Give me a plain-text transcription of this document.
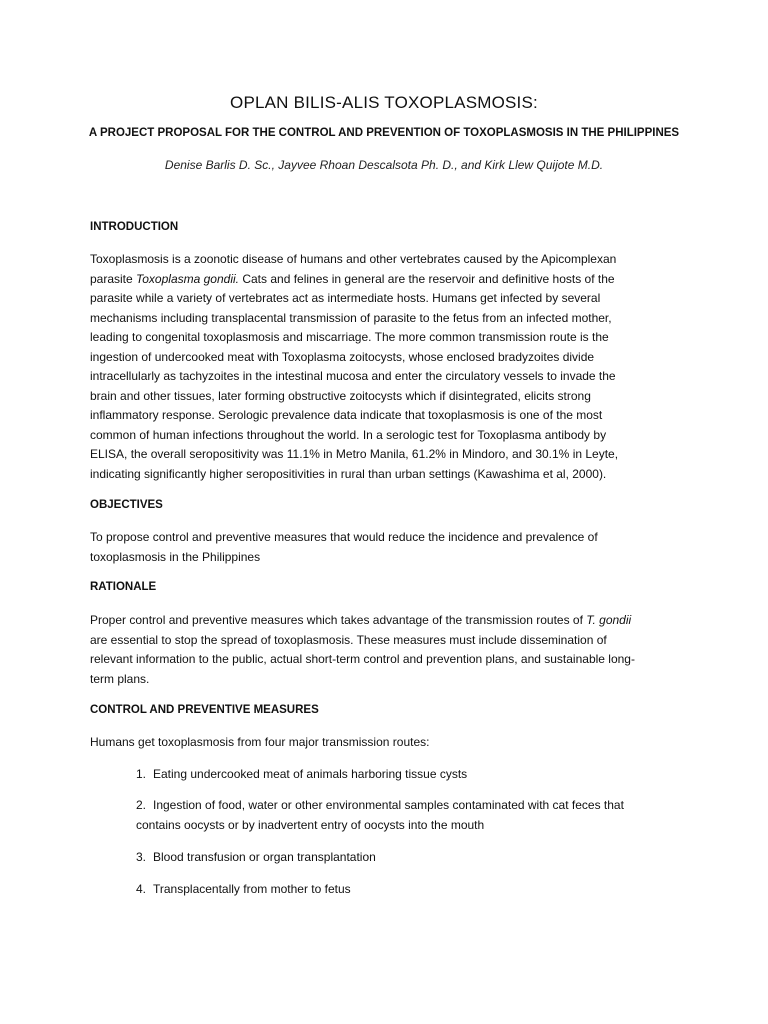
OPLAN BILIS-ALIS TOXOPLASMOSIS:
A PROJECT PROPOSAL FOR THE CONTROL AND PREVENTION OF TOXOPLASMOSIS IN THE PHILIPPINES
Denise Barlis D. Sc., Jayvee Rhoan Descalsota Ph. D., and Kirk Llew Quijote M.D.
INTRODUCTION
Toxoplasmosis is a zoonotic disease of humans and other vertebrates caused by the Apicomplexan
parasite Toxoplasma gondii. Cats and felines in general are the reservoir and definitive hosts of the
parasite while a variety of vertebrates act as intermediate hosts. Humans get infected by several
mechanisms including transplacental transmission of parasite to the fetus from an infected mother,
leading to congenital toxoplasmosis and miscarriage. The more common transmission route is the
ingestion of undercooked meat with Toxoplasma zoitocysts, whose enclosed bradyzoites divide
intracellularly as tachyzoites in the intestinal mucosa and enter the circulatory vessels to invade the
brain and other tissues, later forming obstructive zoitocysts which if disintegrated, elicits strong
inflammatory response. Serologic prevalence data indicate that toxoplasmosis is one of the most
common of human infections throughout the world. In a serologic test for Toxoplasma antibody by
ELISA, the overall seropositivity was 11.1% in Metro Manila, 61.2% in Mindoro, and 30.1% in Leyte,
indicating significantly higher seropositivities in rural than urban settings (Kawashima et al, 2000).
OBJECTIVES
To propose control and preventive measures that would reduce the incidence and prevalence of
toxoplasmosis in the Philippines
RATIONALE
Proper control and preventive measures which takes advantage of the transmission routes of T. gondii
are essential to stop the spread of toxoplasmosis. These measures must include dissemination of
relevant information to the public, actual short-term control and prevention plans, and sustainable long-
term plans.
CONTROL AND PREVENTIVE MEASURES
Humans get toxoplasmosis from four major transmission routes:
1. Eating undercooked meat of animals harboring tissue cysts
2. Ingestion of food, water or other environmental samples contaminated with cat feces that
contains oocysts or by inadvertent entry of oocysts into the mouth
3. Blood transfusion or organ transplantation
4. Transplacentally from mother to fetus
